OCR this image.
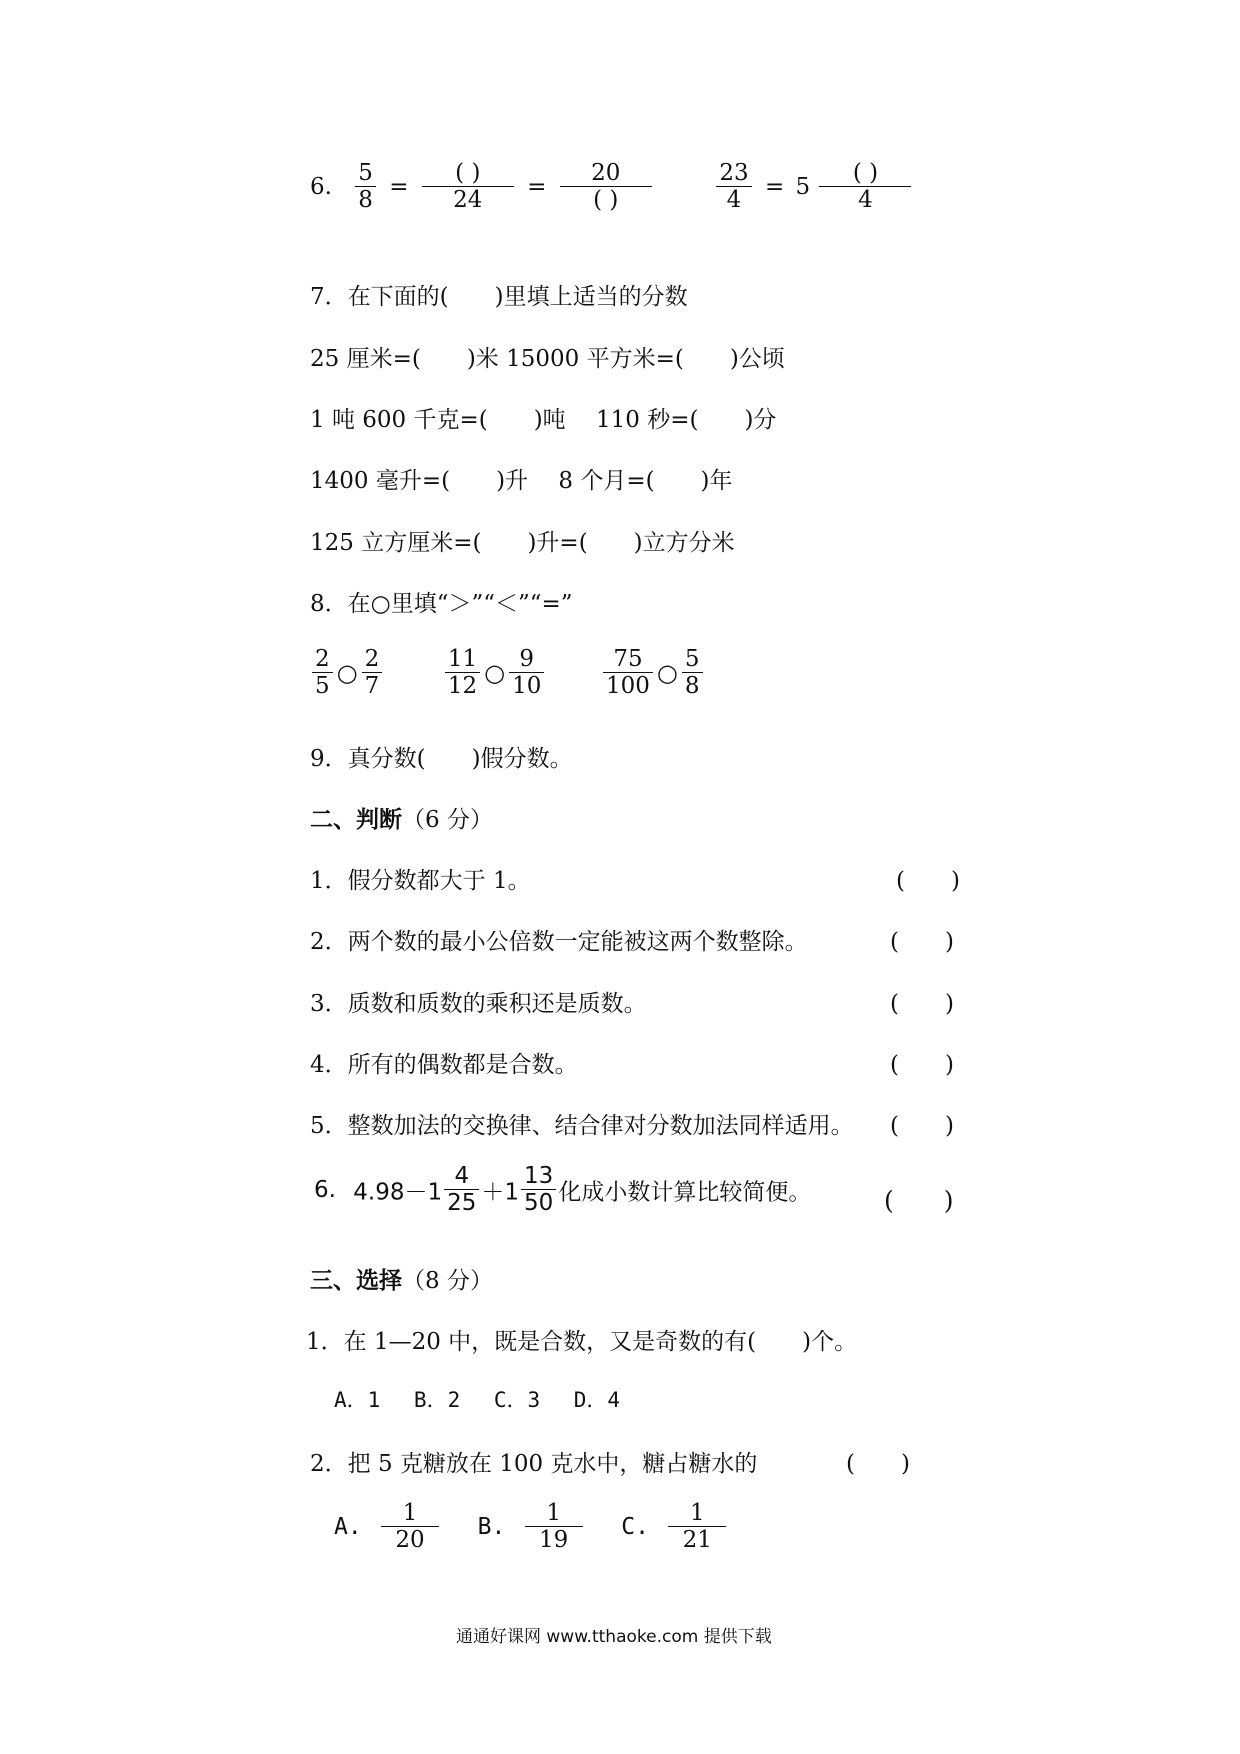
6. $\frac{5}{8} = \frac{( )}{24} = \frac{20}{( )}$
	$\frac{23}{4} = 5 \frac{( )}{4}$
7．在下面的(　　)里填上适当的分数
25 厘米=(　　)米 15000 平方米=(　　)公顷
1 吨 600 千克=(　　)吨　 110 秒=(　　)分
1400 毫升=(　　)升　 8 个月=(　　)年
125 立方厘米=(　　)升=(　　)立方分米
8．在○里填“＞”“＜”“=”
$\frac{2}{5}$ ○ $\frac{2}{7}$
	$\frac{11}{12}$ ○ $\frac{9}{10}$
	$\frac{75}{100}$ ○ $\frac{5}{8}$
9．真分数(　　)假分数。
二、判断（6 分）
1．假分数都大于 1。	(　　)
2．两个数的最小公倍数一定能被这两个数整除。	(　　)
3．质数和质数的乘积还是质数。	(　　)
4．所有的偶数都是合数。	(　　)
5．整数加法的交换律、结合律对分数加法同样适用。 (　　)
6. $4.98-1 \frac{4}{25} +1 \frac{13}{50}$ 化成小数计算比较简便。	(　　)
三、选择（8 分）
1．在 1—20 中，既是合数，又是奇数的有(　　)个。
A．1　 B．2　 C．3　 D．4
2．把 5 克糖放在 100 克水中，糖占糖水的	(　　)
A. $\frac{1}{20} B$. $\frac{1}{19} C$. $\frac{1}{21}$
通通好课网 www.tthaoke.com 提供下载
